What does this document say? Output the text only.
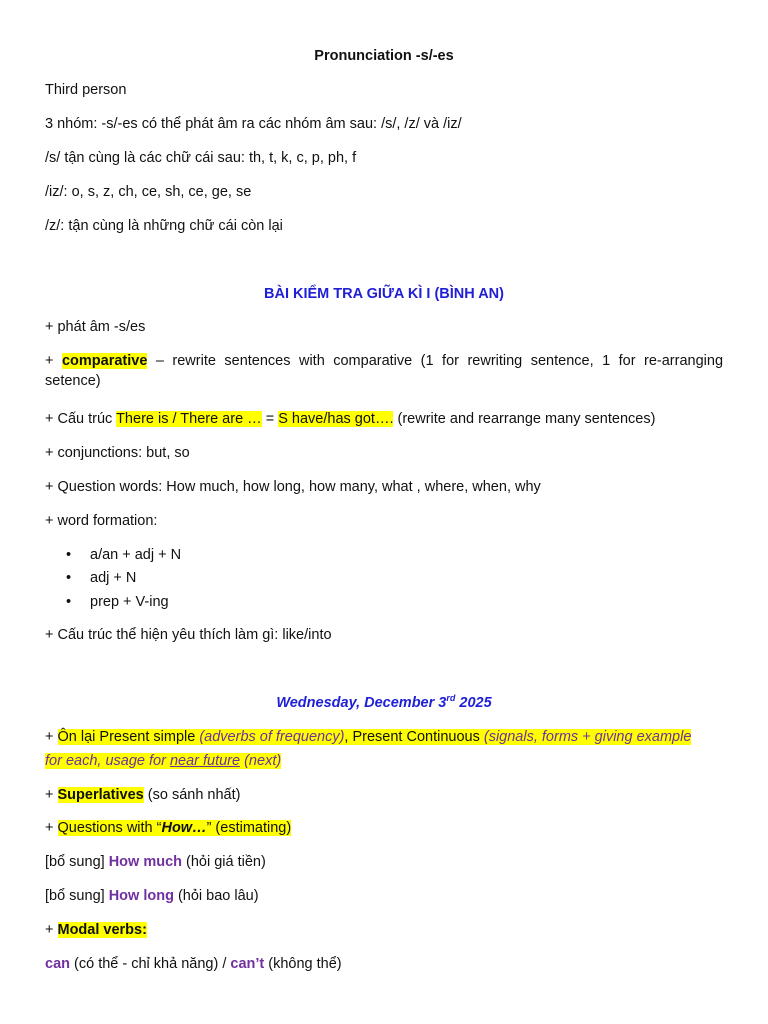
Pronunciation -s/-es
Third person
3 nhóm: -s/-es có thể phát âm ra các nhóm âm sau: /s/, /z/ và /iz/
/s/ tận cùng là các chữ cái sau: th, t, k, c, p, ph, f
/iz/: o, s, z, ch, ce, sh, ce, ge, se
/z/: tận cùng là những chữ cái còn lại
BÀI KIỂM TRA GIỮA KÌ I (BÌNH AN)
+ phát âm -s/es
+ comparative – rewrite sentences with comparative (1 for rewriting sentence, 1 for re-arranging setence)
+ Cấu trúc There is / There are … = S have/has got…. (rewrite and rearrange many sentences)
+ conjunctions: but, so
+ Question words: How much, how long, how many, what , where, when, why
+ word formation:
• a/an + adj + N
• adj + N
• prep + V-ing
+ Cấu trúc thể hiện yêu thích làm gì: like/into
Wednesday, December 3rd 2025
+ Ôn lại Present simple (adverbs of frequency), Present Continuous (signals, forms + giving example
for each, usage for near future (next)
+ Superlatives (so sánh nhất)
+ Questions with “How…” (estimating)
[bổ sung] How much (hỏi giá tiền)
[bổ sung] How long (hỏi bao lâu)
+ Modal verbs:
can (có thể - chỉ khả năng) / can’t (không thể)
